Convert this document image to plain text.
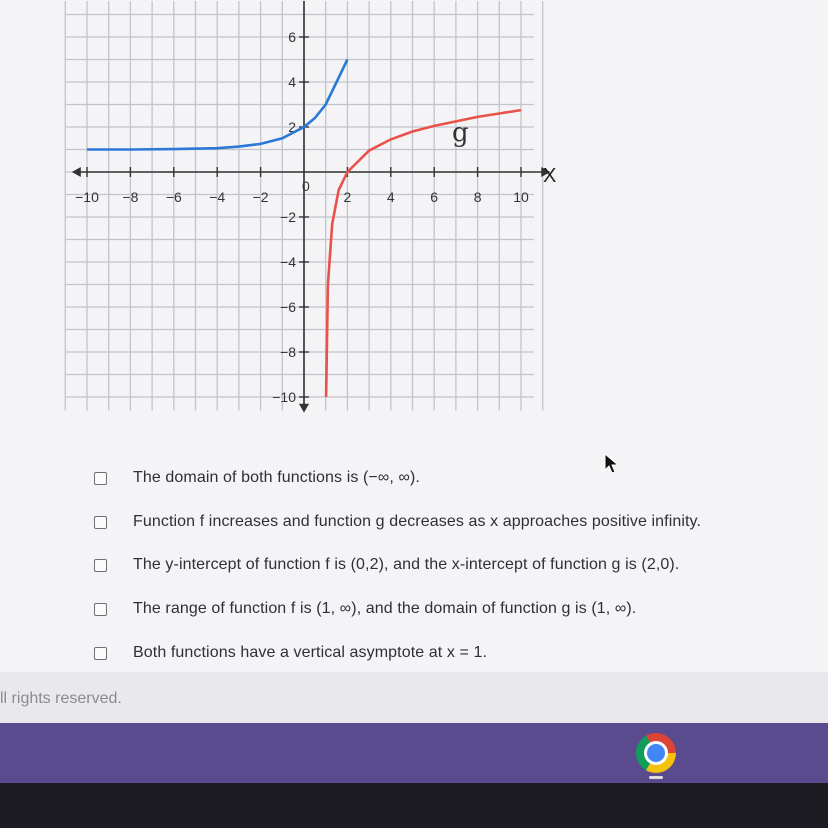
−10 −8 −6 −4 −2	2	4	6	8 10
6
4
2
−2
−4
−6
−8
−10
g
X
0
The domain of both functions is (−∞, ∞).
Function f increases and function g decreases as x approaches positive infinity.
The y-intercept of function f is (0,2), and the x-intercept of function g is (2,0).
The range of function f is (1, ∞), and the domain of function g is (1, ∞).
Both functions have a vertical asymptote at x = 1.
ll rights reserved.
